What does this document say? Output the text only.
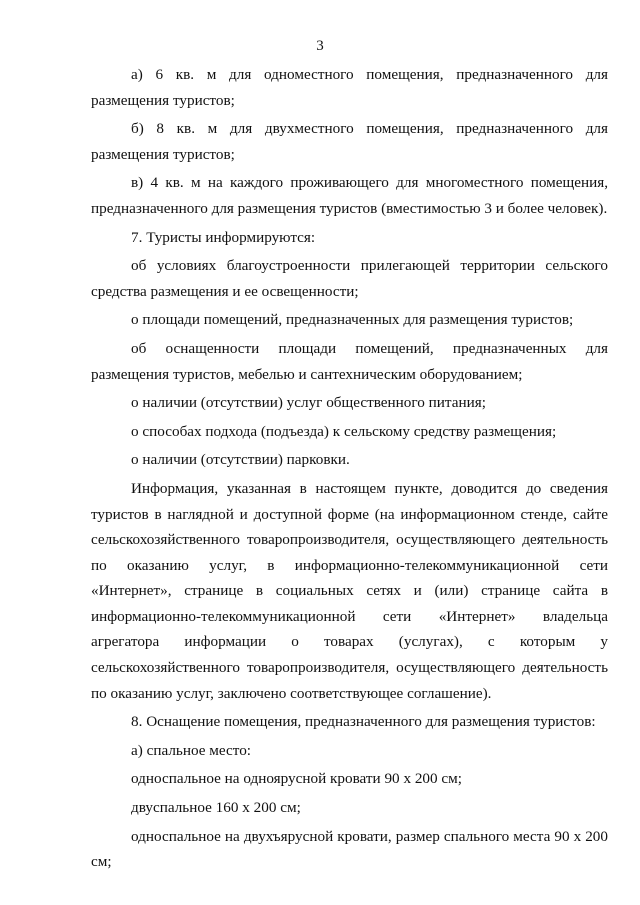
3

а) 6 кв. м для одноместного помещения, предназначенного для размещения туристов;

б) 8 кв. м для двухместного помещения, предназначенного для размещения туристов;

в) 4 кв. м на каждого проживающего для многоместного помещения, предназначенного для размещения туристов (вместимостью 3 и более человек).

7. Туристы информируются:

об условиях благоустроенности прилегающей территории сельского средства размещения и ее освещенности;

о площади помещений, предназначенных для размещения туристов;

об оснащенности площади помещений, предназначенных для размещения туристов, мебелью и сантехническим оборудованием;

о наличии (отсутствии) услуг общественного питания;

о способах подхода (подъезда) к сельскому средству размещения;

о наличии (отсутствии) парковки.

Информация, указанная в настоящем пункте, доводится до сведения туристов в наглядной и доступной форме (на информационном стенде, сайте сельскохозяйственного товаропроизводителя, осуществляющего деятельность по оказанию услуг, в информационно-телекоммуникационной сети «Интернет», странице в социальных сетях и (или) странице сайта в информационно-телекоммуникационной сети «Интернет» владельца агрегатора информации о товарах (услугах), с которым у сельскохозяйственного товаропроизводителя, осуществляющего деятельность по оказанию услуг, заключено соответствующее соглашение).

8. Оснащение помещения, предназначенного для размещения туристов:

а) спальное место:

односпальное на одноярусной кровати 90 х 200 см;

двуспальное 160 х 200 см;

односпальное на двухъярусной кровати, размер спального места 90 х 200 см;
